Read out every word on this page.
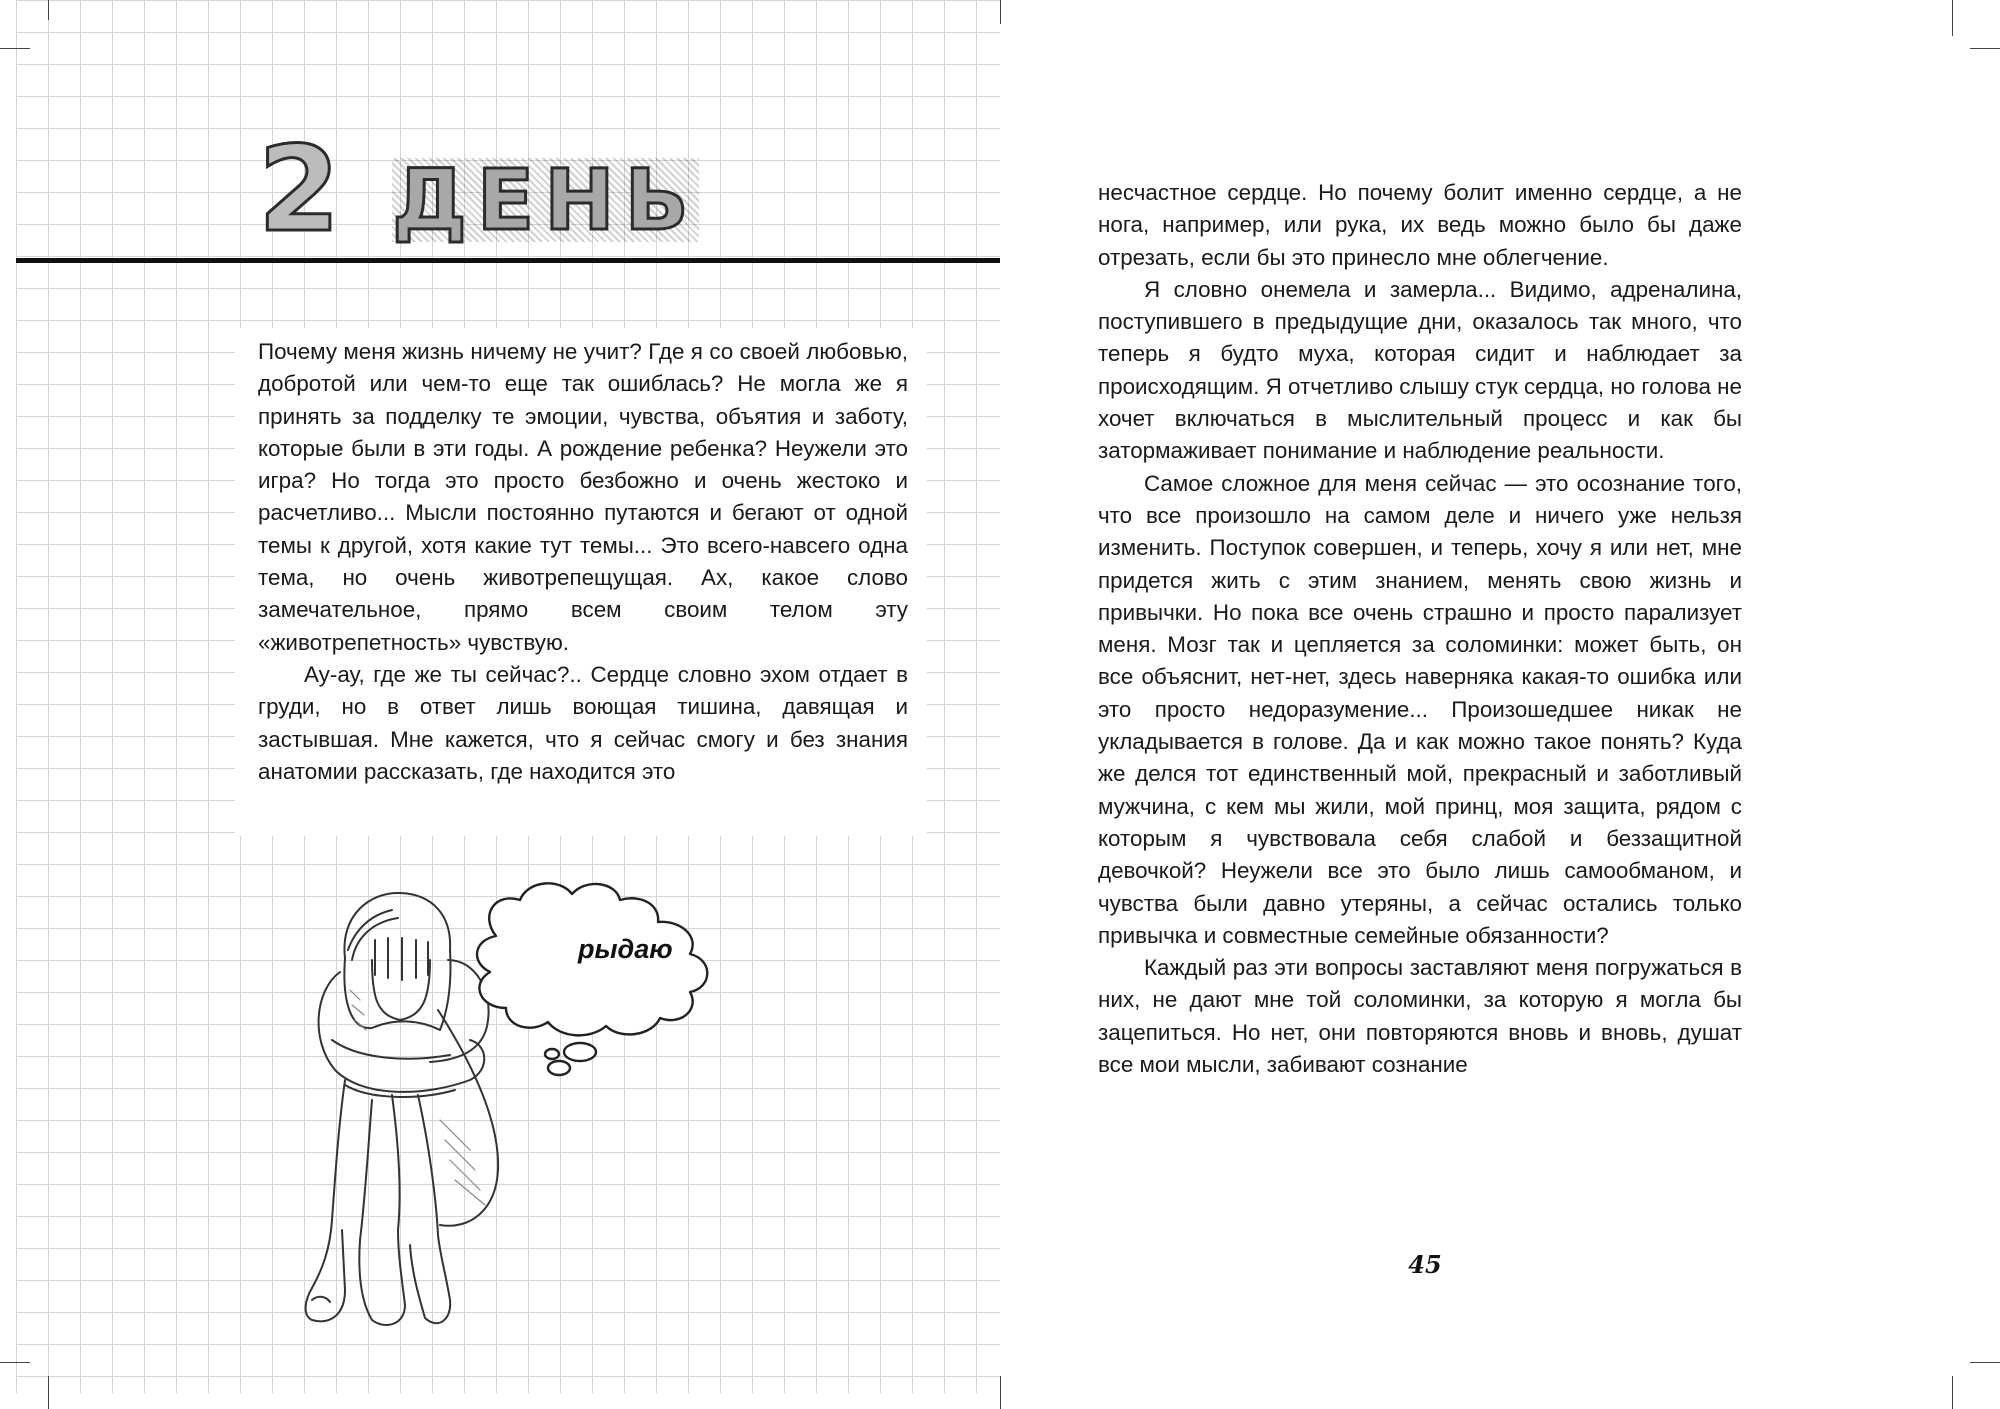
2 ДЕНЬ

Почему меня жизнь ничему не учит? Где я со своей любовью, добротой или чем-то еще так ошиблась? Не могла же я принять за подделку те эмоции, чувства, объятия и заботу, которые были в эти годы. А рождение ребенка? Неужели это игра? Но тогда это просто безбожно и очень жестоко и расчетливо... Мысли постоянно путаются и бегают от одной темы к другой, хотя какие тут темы... Это всего-навсего одна тема, но очень животрепещущая. Ах, какое слово замечательное, прямо всем своим телом эту «животрепетность» чувствую.

Ау-ау, где же ты сейчас?.. Сердце словно эхом отдает в груди, но в ответ лишь воющая тишина, давящая и застывшая. Мне кажется, что я сейчас смогу и без знания анатомии рассказать, где находится это

рыдаю

несчастное сердце. Но почему болит именно сердце, а не нога, например, или рука, их ведь можно было бы даже отрезать, если бы это принесло мне облегчение.

Я словно онемела и замерла... Видимо, адреналина, поступившего в предыдущие дни, оказалось так много, что теперь я будто муха, которая сидит и наблюдает за происходящим. Я отчетливо слышу стук сердца, но голова не хочет включаться в мыслительный процесс и как бы затормаживает понимание и наблюдение реальности.

Самое сложное для меня сейчас — это осознание того, что все произошло на самом деле и ничего уже нельзя изменить. Поступок совершен, и теперь, хочу я или нет, мне придется жить с этим знанием, менять свою жизнь и привычки. Но пока все очень страшно и просто парализует меня. Мозг так и цепляется за соломинки: может быть, он все объяснит, нет-нет, здесь наверняка какая-то ошибка или это просто недоразумение... Произошедшее никак не укладывается в голове. Да и как можно такое понять? Куда же делся тот единственный мой, прекрасный и заботливый мужчина, с кем мы жили, мой принц, моя защита, рядом с которым я чувствовала себя слабой и беззащитной девочкой? Неужели все это было лишь самообманом, и чувства были давно утеряны, а сейчас остались только привычка и совместные семейные обязанности?

Каждый раз эти вопросы заставляют меня погружаться в них, не дают мне той соломинки, за которую я могла бы зацепиться. Но нет, они повторяются вновь и вновь, душат все мои мысли, забивают сознание

45
